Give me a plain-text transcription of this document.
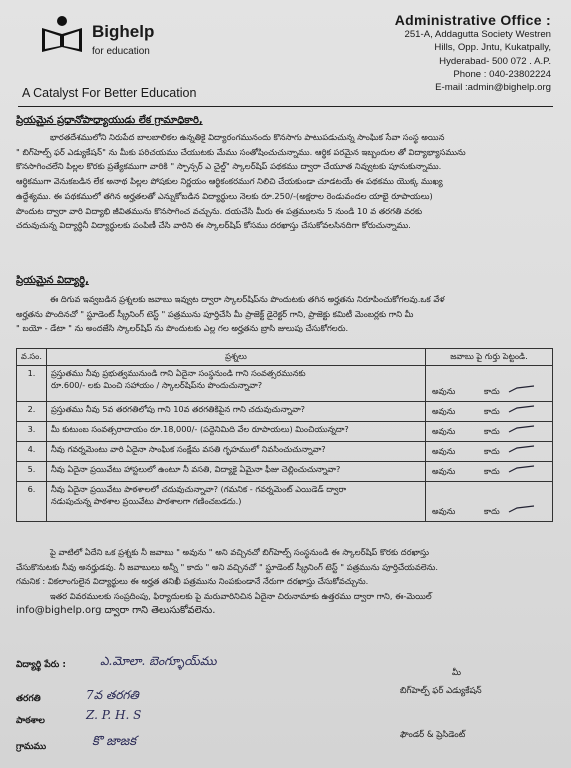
Bighelp
for education
A Catalyst For Better Education
Administrative Office :
251-A, Addagutta Society Westren
Hills, Opp. Jntu, Kukatpally,
Hyderabad- 500 072 . A.P.
Phone : 040-23802224
E-mail :admin@bighelp.org
ప్రియమైన ప్రధానోపాధ్యాయుడు లేక గ్రామాధికారి,
భారతదేశములోని నిరుపేద బాలబాలికల ఉన్నతికై విద్యారంగమునందు కొనసాగు పాటుపడుచున్న సాంఘిక సేవా సంస్థ అయిన
" బిగ్‌హెల్ప్ ఫర్ ఎడ్యుకేషన్" ను మీకు పరిచయము చేయుటకు మేము సంతోషించుచున్నాము. ఆర్థిక పరమైన ఇబ్బందుల తో విద్యాభ్యాసమును
కొనసాగించలేని పిల్లల కొరకు ప్రత్యేకముగా వారికి " స్పాన్సర్ ఎ చైల్డ్" స్కాలర్‌షిప్ పథకము ద్వారా చేయూత నివ్వుటకు పూనుకున్నాము.
ఆర్థికముగా వెనుకబడిన లేక అనాథ పిల్లల పోషకుల నిర్ణయం ఆర్థికంకరముగ నిలిచి చేయకుండా చూడటయే ఈ పథకము యొక్క ముఖ్య
ఉద్దేశ్యము. ఈ పథకములో తగిన అర్హతలతో ఎన్నుకోబడిన విద్యార్థులు నెలకు రూ.250/-(అక్షరాల రెండువందల యాభై రూపాయలు)
పొందుట ద్వారా వారి విద్యాభి జీవితమును కొనసాగించ వచ్చును. దయచేసి మీరు ఈ పత్రములను 5 నుండి 10 వ తరగతి వరకు
చదువుచున్న విద్యార్థినీ విద్యార్థులకు పంపిణీ చేసి వారిని ఈ స్కాలర్‌షిప్ కోసము దరఖాస్తు చేసుకోవలసినదిగా కోరుచున్నాము.
ప్రియమైన విద్యార్థి,
ఈ దిగువ ఇవ్వబడిన ప్రశ్నలకు జవాబు ఇవ్వుట ద్వారా స్కాలర్‌షిప్‌ను పొందుటకు తగిన అర్హతను నిరూపించుకోగలవు.ఒక వేళ
అర్హతను పొందినచో " స్టూడెంట్ స్క్రీనింగ్ టెస్ట్ " పత్రమును పూర్తిచేసి మీ ప్రాజెక్ట్ డైరెక్టర్ గాని, ప్రాజెక్టు కమిటీ మెంబర్లకు గాని మీ
" బయో - డేటా " ను అందజేసి స్కాలర్‌షిప్ ను పొందుటకు ఎల్ల గల అర్హతను బ్రాసి జులుపు చేసుకోగలరు.
వ.సం.	ప్రశ్నలు	జవాబు పై గుర్తు పెట్టండి.
1.	ప్రస్తుతము నీవు ప్రభుత్వమునుండి గాని ఏదైనా సంస్థనుండి గాని సంవత్సరమునకు
రూ.600/- లకు మించి సహాయం / స్కాలర్‌షిప్‌ను పొందుచున్నావా?	అవును కాదు

2.	ప్రస్తుతము నీవు 5వ తరగతిలోపు గాని 10వ తరగతికిపైన గాని చదువుచున్నావా?	అవును కాదు

3.	మీ కుటుంబ సంవత్సరాదాయం రూ.18,000/- (పద్దెనిమిది వేల రూపాయలు) మించియున్నదా?	అవును కాదు

4.	నీవు గవర్నమెంటు వారి ఏదైనా సాంఘిక సంక్షేమ వసతి గృహములో నివసించుచున్నావా?	అవును కాదు

5.	నీవు ఏదైనా ప్రయివేటు హాస్టలులో ఉంటూ నీ వసతి, విద్యాకై ఏమైనా ఫీజు చెల్లించుచున్నావా?	అవును కాదు

6.	నీవు ఏదైనా ప్రయివేటు పాఠశాలలో చదువుచున్నావా? (గమనిక - గవర్నమెంట్ ఎయిడెడ్ ద్వారా
నడుపుచున్న పాఠశాల ప్రయివేటు పాఠశాలగా గణించబడదు.)	అవును కాదు
పై వాటిలో ఏదేని ఒక ప్రశ్నకు నీ జవాబు " అవును " అని వచ్చినచో బిగ్‌హెల్ప్ సంస్థనుండి ఈ స్కాలర్‌షిప్ కొరకు దరఖాస్తు
చేసుకొనుటకు నీవు అనర్హుడవు. నీ జవాబులు అన్నీ " కాదు " అని వచ్చినచో " స్టూడెంట్ స్క్రీనింగ్ టెస్ట్ " పత్రమును పూర్తిచేయవలెను.
గమనిక : వికలాంగులైన విద్యార్థులు ఈ అర్హత తనిఖీ పత్రమును నింపకుండానే నేరుగా దరఖాస్తు చేసుకోవచ్చును.
ఇతర వివరములకు సంప్రదింపు, ఫిర్యాదులకు పై మరువారినిచిన ఏదైనా చిరునామాకు ఉత్తరము ద్వారా గాని, ఈ-మెయిల్
info@bighelp.org ద్వారా గాని తెలుసుకోవలెను.
విద్యార్థి పేరు :	ఎ.మోలా. బెంగ్ళూయ్‌ము
తరగతి	7వ తరగతి
పాఠశాల	Z. P. H. S
గ్రామము	కొ జాజక
మీ
బిగ్‌హెల్ప్ ఫర్ ఎడ్యుకేషన్
ఫౌండర్ & ప్రెసిడెంట్
